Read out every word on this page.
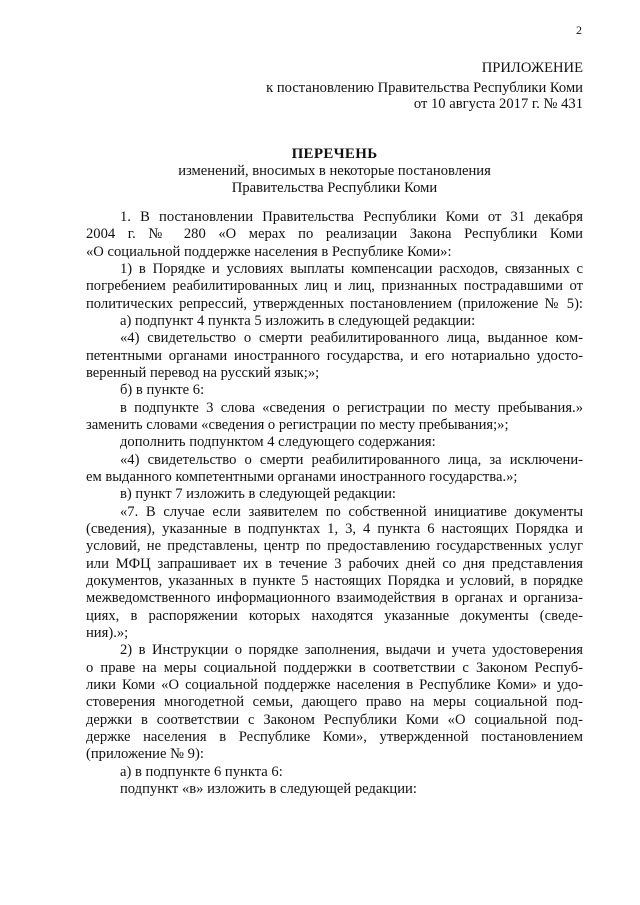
2
ПРИЛОЖЕНИЕ
к постановлению Правительства Республики Коми
от 10 августа 2017 г. № 431
ПЕРЕЧЕНЬ
изменений, вносимых в некоторые постановления
Правительства Республики Коми
1. В постановлении Правительства Республики Коми от 31 декабря
2004 г. № 280 «О мерах по реализации Закона Республики Коми
«О социальной поддержке населения в Республике Коми»:
1) в Порядке и условиях выплаты компенсации расходов, связанных с
погребением реабилитированных лиц и лиц, признанных пострадавшими от
политических репрессий, утвержденных постановлением (приложение № 5):
а) подпункт 4 пункта 5 изложить в следующей редакции:
«4) свидетельство о смерти реабилитированного лица, выданное ком-
петентными органами иностранного государства, и его нотариально удосто-
веренный перевод на русский язык;»;
б) в пункте 6:
в подпункте 3 слова «сведения о регистрации по месту пребывания.»
заменить словами «сведения о регистрации по месту пребывания;»;
дополнить подпунктом 4 следующего содержания:
«4) свидетельство о смерти реабилитированного лица, за исключени-
ем выданного компетентными органами иностранного государства.»;
в) пункт 7 изложить в следующей редакции:
«7. В случае если заявителем по собственной инициативе документы
(сведения), указанные в подпунктах 1, 3, 4 пункта 6 настоящих Порядка и
условий, не представлены, центр по предоставлению государственных услуг
или МФЦ запрашивает их в течение 3 рабочих дней со дня представления
документов, указанных в пункте 5 настоящих Порядка и условий, в порядке
межведомственного информационного взаимодействия в органах и организа-
циях, в распоряжении которых находятся указанные документы (сведе-
ния).»;
2) в Инструкции о порядке заполнения, выдачи и учета удостоверения
о праве на меры социальной поддержки в соответствии с Законом Респуб-
лики Коми «О социальной поддержке населения в Республике Коми» и удо-
стоверения многодетной семьи, дающего право на меры социальной под-
держки в соответствии с Законом Республики Коми «О социальной под-
держке населения в Республике Коми», утвержденной постановлением
(приложение № 9):
а) в подпункте 6 пункта 6:
подпункт «в» изложить в следующей редакции:
